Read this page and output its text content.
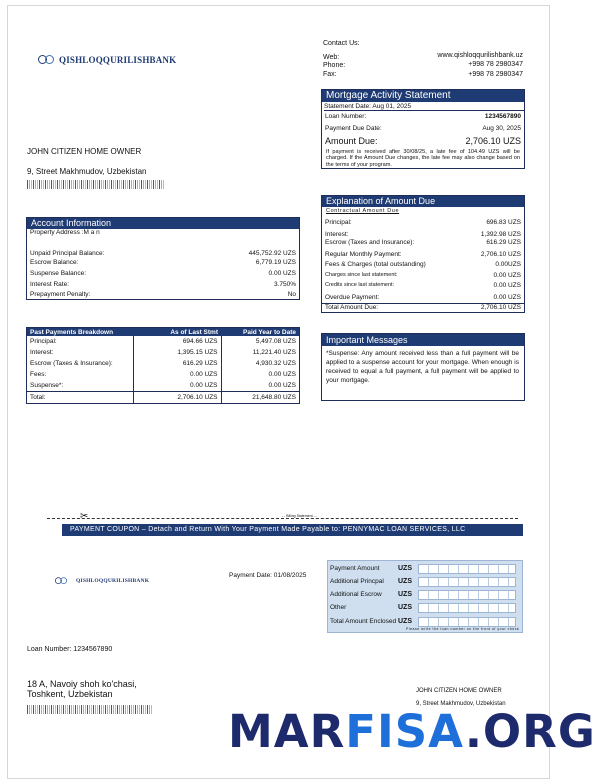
QISHLOQQURILISHBANK
Contact Us:
Web:	www.qishloqqurilishbank.uz
Phone:	+998 78 2980347
Fax:	+998 78 2980347
Mortgage Activity Statement
Statement Date: Aug 01, 2025
Loan Number:	1234567890
Payment Due Date:	Aug 30, 2025
Amount Due:	2,706.10 UZS
If payment is received after 30/08/25, a late fee of 104.49 UZS will be charged. If the Amount Due changes, the late fee may also change based on the terms of your program.
JOHN CITIZEN HOME OWNER
9, Street Makhmudov, Uzbekistan
Explanation of Amount Due
Contractual Amount Due
Principal:	696.83 UZS
Interest:	1,392.98 UZS
Escrow (Taxes and Insurance):	616.29 UZS
Regular Monthly Payment:	2,706.10 UZS
Fees & Charges (total outstanding)	0.00UZS
Charges since last statement:	0.00 UZS
Credits since last statement:	0.00 UZS
Overdue Payment:	0.00 UZS
Total Amount Due:	2,706.10 UZS
Account Information
Property Address :M a n
Unpaid Principal Balance:	445,752.92 UZS
Escrow Balance:	6,779.19 UZS
Suspense Balance:	0.00 UZS
Interest Rate:	3.750%
Prepayment Penalty:	No
Past Payments Breakdown	As of Last Stmt	Paid Year to Date
Principal:	694.66 UZS	5,497.08 UZS
Interest:	1,395.15 UZS	11,221.40 UZS
Escrow (Taxes & Insurance):	616.29 UZS	4,930.32 UZS
Fees:	0.00 UZS	0.00 UZS
Suspense*:	0.00 UZS	0.00 UZS
Total:	2,706.10 UZS	21,648.80 UZS
Important Messages
*Suspense: Any amount received less than a full payment will be applied to a suspense account for your mortgage. When enough is received to equal a full payment, a full payment will be applied to your mortgage.
✂	- - Billing Statement - -
PAYMENT COUPON – Detach and Return With Your Payment Made Payable to: PENNYMAC LOAN SERVICES, LLC
QISHLOQQURILISHBANK
Payment Date: 01/08/2025
Payment Amount	UZS
Additional Princpal	UZS
Additional Escrow	UZS
Other	UZS
Total Amount Enclosed UZS
Please write the loan number on the front of your check
Loan Number: 1234567890
18 A, Navoiy shoh ko'chasi,
Toshkent, Uzbekistan	JOHN CITIZEN HOME OWNER
9, Street Makhmudov, Uzbekistan
MARFISA.ORG
